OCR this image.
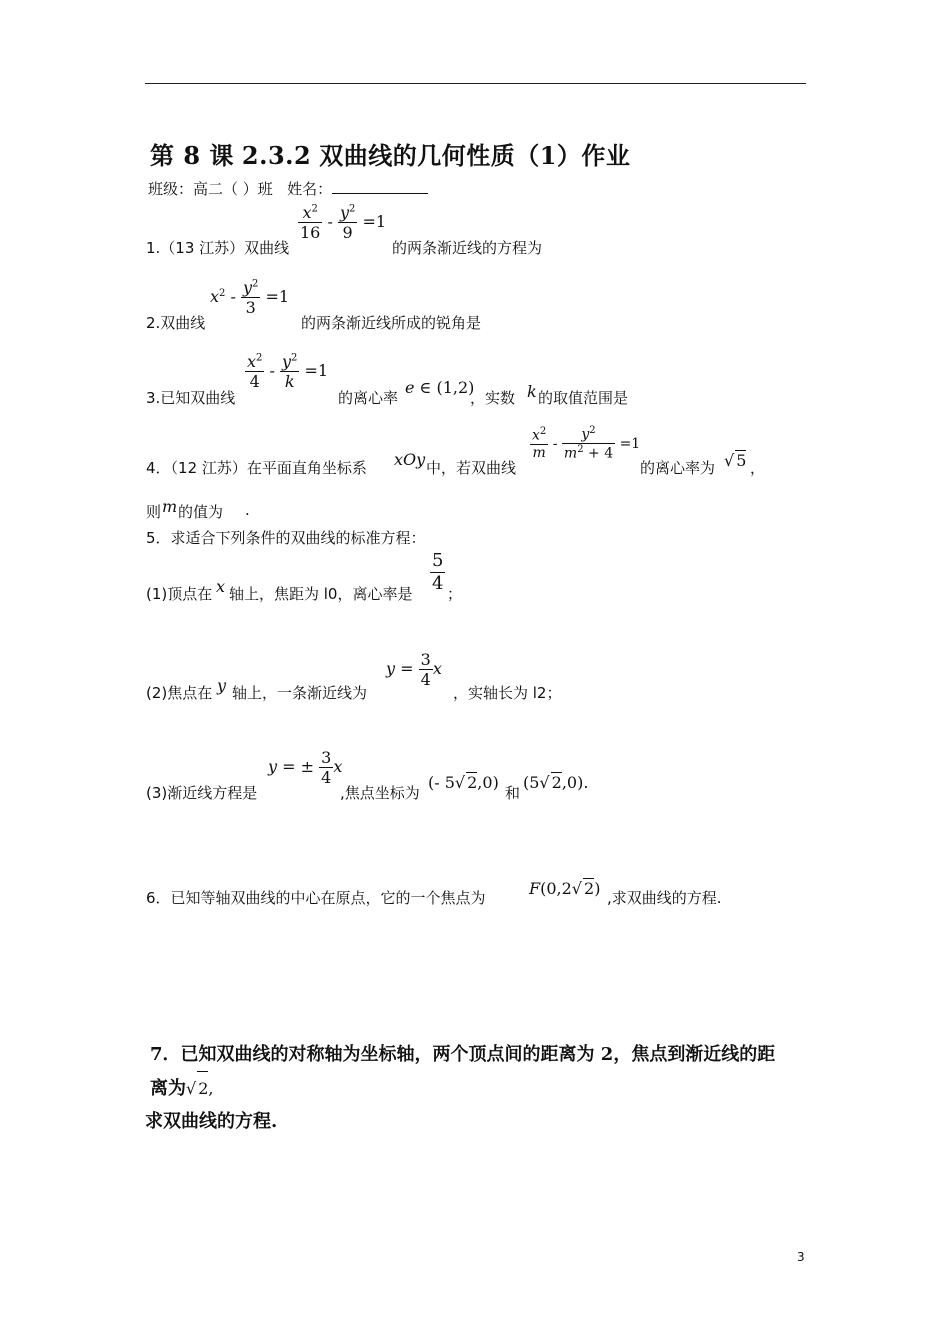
第 8 课 2.3.2 双曲线的几何性质（1）作业
班级：高二（ ）班 姓名：
1.（13 江苏）双曲线
$\frac{x^2}{16} - \frac{y^2}{9} =1$
的两条渐近线的方程为
2.双曲线
$x^2 - \frac{y^2}{3} =1$
的两条渐近线所成的锐角是
3.已知双曲线
$\frac{x^2}{4} - \frac{y^2}{k} =1$
的离心率
e ∈ (1,2)
，实数 k 的取值范围是
4．（12 江苏）在平面直角坐标系 xOy 中，若双曲线
$\frac{x^2}{m} - \frac{y^2}{m^2 + 4} =1$
的离心率为 √ 5 ，
则 m 的值为 .
5．求适合下列条件的双曲线的标准方程：
(1)顶点在 x 轴上，焦距为 l0，离心率是 $\frac{5}{4}$ ；
(2)焦点在 y 轴上，一条渐近线为
$y = \frac{3}{4}$ x
，实轴长为 l2；
(3)渐近线方程是
y = ± $\frac{3}{4}$ x
,焦点坐标为
(- 5√ 2,0)
和
(5√ 2,0).
6．已知等轴双曲线的中心在原点，它的一个焦点为	F(0,2√ 2) ,求双曲线的方程.
7．已知双曲线的对称轴为坐标轴，两个顶点间的距离为 2，焦点到渐近线的距
离为√ 2,
求双曲线的方程.
3
